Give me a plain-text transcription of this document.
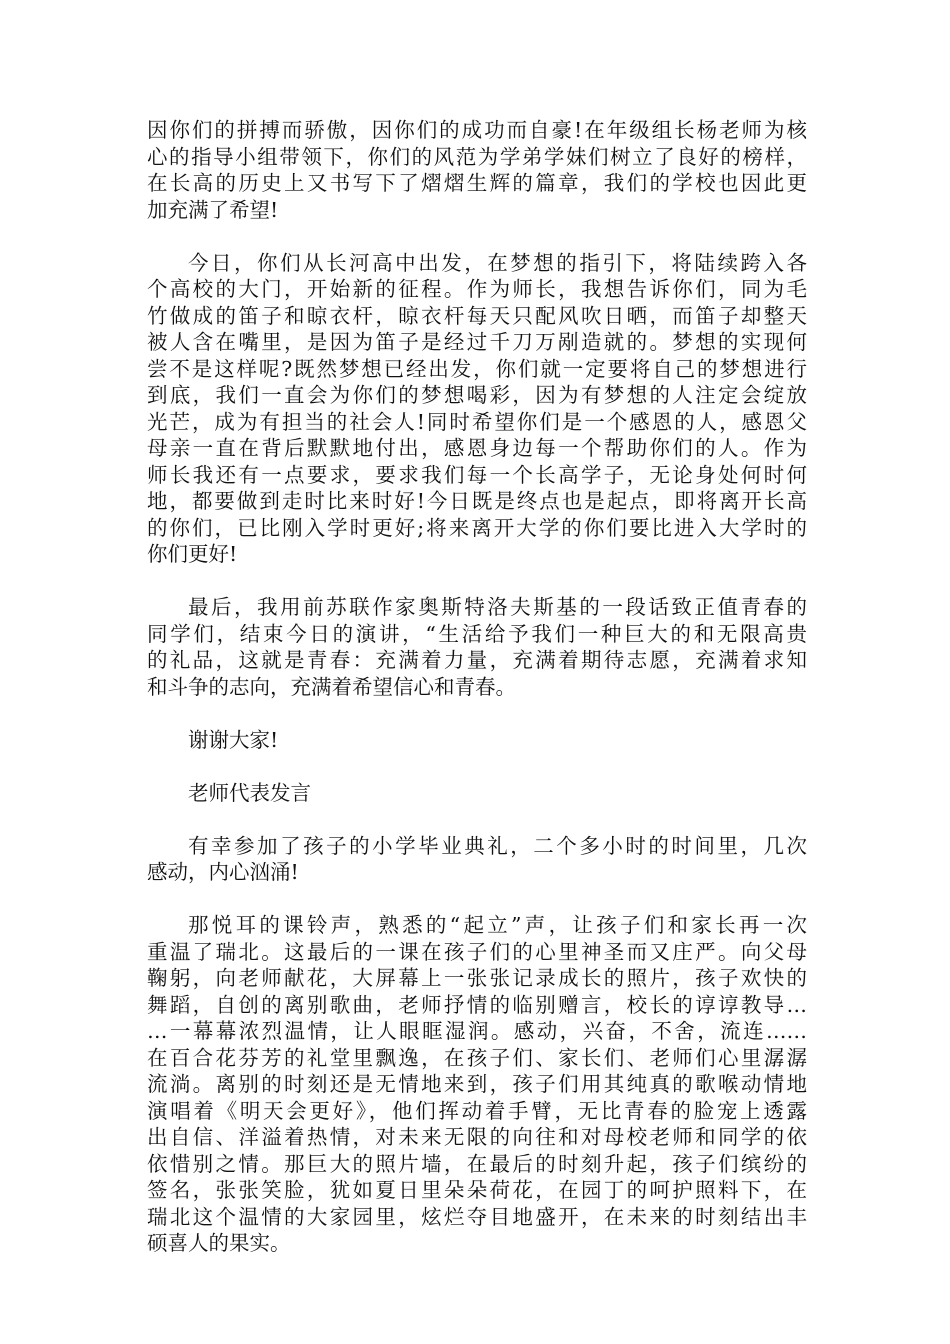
因你们的拼搏而骄傲，因你们的成功而自豪!在年级组长杨老师为核
心的指导小组带领下，你们的风范为学弟学妹们树立了良好的榜样，
在长高的历史上又书写下了熠熠生辉的篇章，我们的学校也因此更
加充满了希望!
今日，你们从长河高中出发，在梦想的指引下，将陆续跨入各
个高校的大门，开始新的征程。作为师长，我想告诉你们，同为毛
竹做成的笛子和晾衣杆，晾衣杆每天只配风吹日晒，而笛子却整天
被人含在嘴里，是因为笛子是经过千刀万剐造就的。梦想的实现何
尝不是这样呢?既然梦想已经出发，你们就一定要将自己的梦想进行
到底，我们一直会为你们的梦想喝彩，因为有梦想的人注定会绽放
光芒，成为有担当的社会人!同时希望你们是一个感恩的人，感恩父
母亲一直在背后默默地付出，感恩身边每一个帮助你们的人。作为
师长我还有一点要求，要求我们每一个长高学子，无论身处何时何
地，都要做到走时比来时好!今日既是终点也是起点，即将离开长高
的你们，已比刚入学时更好;将来离开大学的你们要比进入大学时的
你们更好!
最后，我用前苏联作家奥斯特洛夫斯基的一段话致正值青春的
同学们，结束今日的演讲，“生活给予我们一种巨大的和无限高贵
的礼品，这就是青春：充满着力量，充满着期待志愿，充满着求知
和斗争的志向，充满着希望信心和青春。
谢谢大家!
老师代表发言
有幸参加了孩子的小学毕业典礼，二个多小时的时间里，几次
感动，内心汹涌!
那悦耳的课铃声，熟悉的“起立”声，让孩子们和家长再一次
重温了瑞北。这最后的一课在孩子们的心里神圣而又庄严。向父母
鞠躬，向老师献花，大屏幕上一张张记录成长的照片，孩子欢快的
舞蹈，自创的离别歌曲，老师抒情的临别赠言，校长的谆谆教导…
…一幕幕浓烈温情，让人眼眶湿润。感动，兴奋，不舍，流连……
在百合花芬芳的礼堂里飘逸，在孩子们、家长们、老师们心里潺潺
流淌。离别的时刻还是无情地来到，孩子们用其纯真的歌喉动情地
演唱着《明天会更好》，他们挥动着手臂，无比青春的脸宠上透露
出自信、洋溢着热情，对未来无限的向往和对母校老师和同学的依
依惜别之情。那巨大的照片墙，在最后的时刻升起，孩子们缤纷的
签名，张张笑脸，犹如夏日里朵朵荷花，在园丁的呵护照料下，在
瑞北这个温情的大家园里，炫烂夺目地盛开，在未来的时刻结出丰
硕喜人的果实。
